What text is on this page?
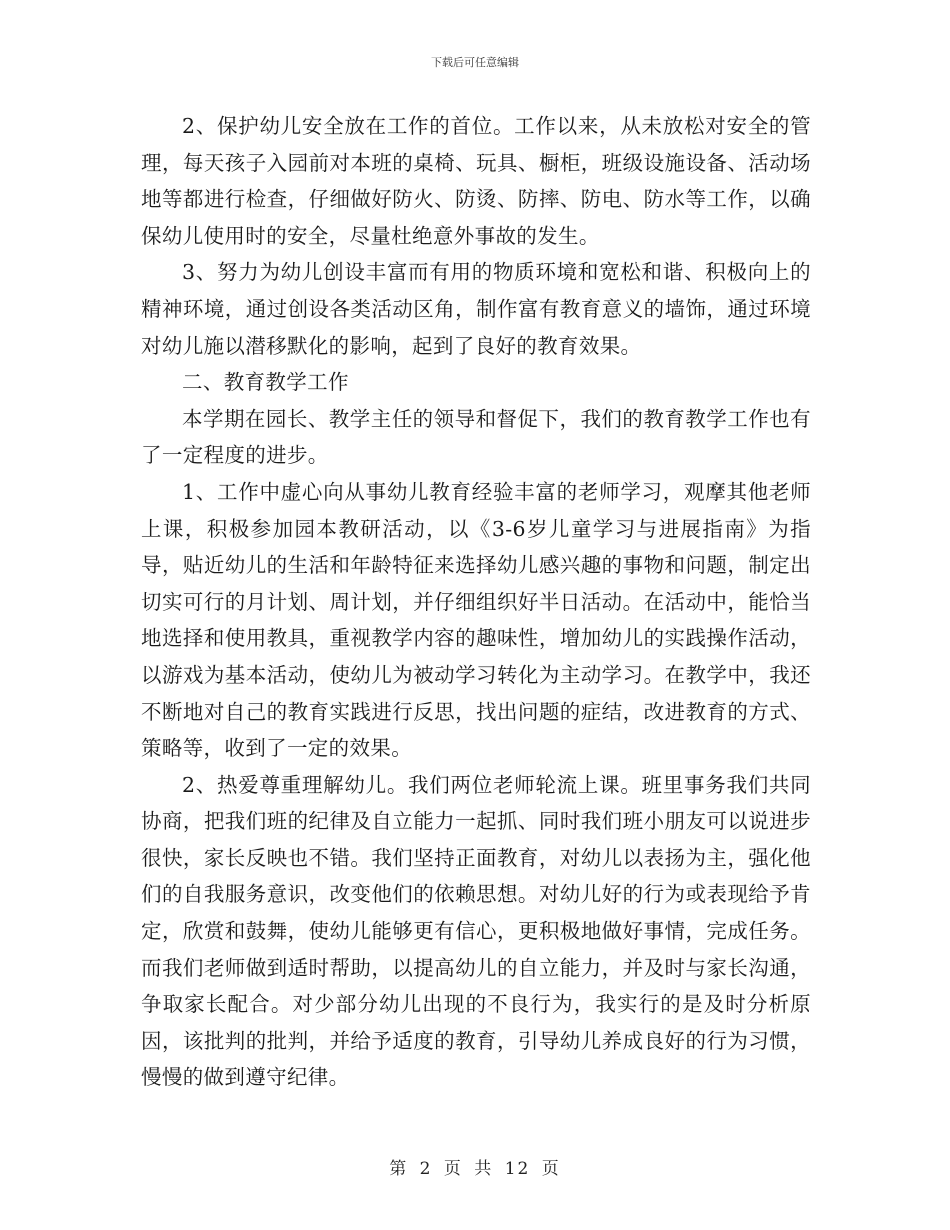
下载后可任意编辑

2、保护幼儿安全放在工作的首位。工作以来，从未放松对安全的管理，每天孩子入园前对本班的桌椅、玩具、橱柜，班级设施设备、活动场地等都进行检查，仔细做好防火、防烫、防摔、防电、防水等工作，以确保幼儿使用时的安全，尽量杜绝意外事故的发生。

3、努力为幼儿创设丰富而有用的物质环境和宽松和谐、积极向上的精神环境，通过创设各类活动区角，制作富有教育意义的墙饰，通过环境对幼儿施以潜移默化的影响，起到了良好的教育效果。

二、教育教学工作

本学期在园长、教学主任的领导和督促下，我们的教育教学工作也有了一定程度的进步。

1、工作中虚心向从事幼儿教育经验丰富的老师学习，观摩其他老师上课，积极参加园本教研活动，以《3-6岁儿童学习与进展指南》为指导，贴近幼儿的生活和年龄特征来选择幼儿感兴趣的事物和问题，制定出切实可行的月计划、周计划，并仔细组织好半日活动。在活动中，能恰当地选择和使用教具，重视教学内容的趣味性，增加幼儿的实践操作活动，以游戏为基本活动，使幼儿为被动学习转化为主动学习。在教学中，我还不断地对自己的教育实践进行反思，找出问题的症结，改进教育的方式、策略等，收到了一定的效果。

2、热爱尊重理解幼儿。我们两位老师轮流上课。班里事务我们共同协商，把我们班的纪律及自立能力一起抓、同时我们班小朋友可以说进步很快，家长反映也不错。我们坚持正面教育，对幼儿以表扬为主，强化他们的自我服务意识，改变他们的依赖思想。对幼儿好的行为或表现给予肯定，欣赏和鼓舞，使幼儿能够更有信心，更积极地做好事情，完成任务。而我们老师做到适时帮助，以提高幼儿的自立能力，并及时与家长沟通，争取家长配合。对少部分幼儿出现的不良行为，我实行的是及时分析原因，该批判的批判，并给予适度的教育，引导幼儿养成良好的行为习惯，慢慢的做到遵守纪律。

第 2 页 共 12 页
